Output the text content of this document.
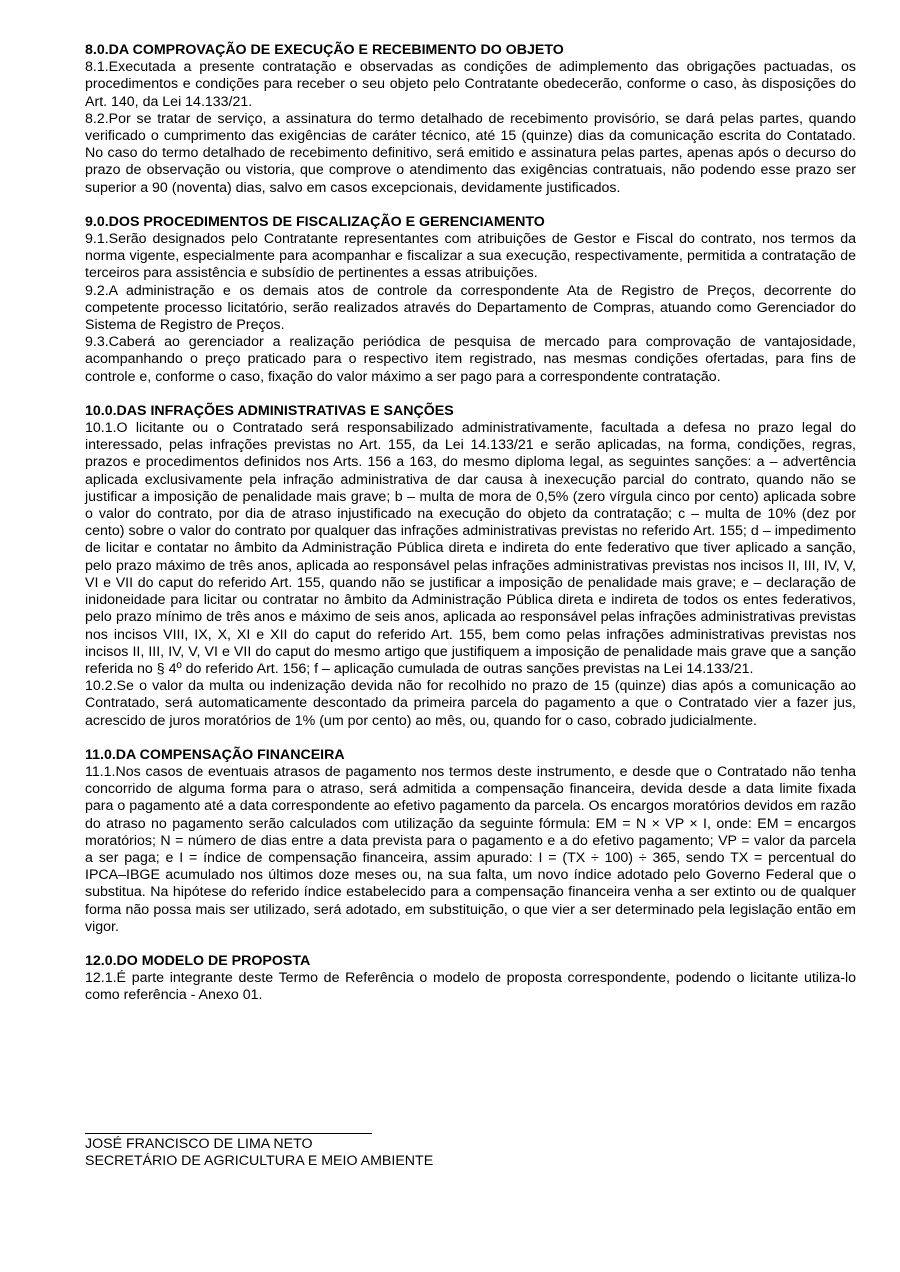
8.0.DA COMPROVAÇÃO DE EXECUÇÃO E RECEBIMENTO DO OBJETO

8.1.Executada a presente contratação e observadas as condições de adimplemento das obrigações pactuadas, os procedimentos e condições para receber o seu objeto pelo Contratante obedecerão, conforme o caso, às disposições do Art. 140, da Lei 14.133/21.

8.2.Por se tratar de serviço, a assinatura do termo detalhado de recebimento provisório, se dará pelas partes, quando verificado o cumprimento das exigências de caráter técnico, até 15 (quinze) dias da comunicação escrita do Contatado. No caso do termo detalhado de recebimento definitivo, será emitido e assinatura pelas partes, apenas após o decurso do prazo de observação ou vistoria, que comprove o atendimento das exigências contratuais, não podendo esse prazo ser superior a 90 (noventa) dias, salvo em casos excepcionais, devidamente justificados.

9.0.DOS PROCEDIMENTOS DE FISCALIZAÇÃO E GERENCIAMENTO

9.1.Serão designados pelo Contratante representantes com atribuições de Gestor e Fiscal do contrato, nos termos da norma vigente, especialmente para acompanhar e fiscalizar a sua execução, respectivamente, permitida a contratação de terceiros para assistência e subsídio de pertinentes a essas atribuições.

9.2.A administração e os demais atos de controle da correspondente Ata de Registro de Preços, decorrente do competente processo licitatório, serão realizados através do Departamento de Compras, atuando como Gerenciador do Sistema de Registro de Preços.

9.3.Caberá ao gerenciador a realização periódica de pesquisa de mercado para comprovação de vantajosidade, acompanhando o preço praticado para o respectivo item registrado, nas mesmas condições ofertadas, para fins de controle e, conforme o caso, fixação do valor máximo a ser pago para a correspondente contratação.

10.0.DAS INFRAÇÕES ADMINISTRATIVAS E SANÇÕES

10.1.O licitante ou o Contratado será responsabilizado administrativamente, facultada a defesa no prazo legal do interessado, pelas infrações previstas no Art. 155, da Lei 14.133/21 e serão aplicadas, na forma, condições, regras, prazos e procedimentos definidos nos Arts. 156 a 163, do mesmo diploma legal, as seguintes sanções: a – advertência aplicada exclusivamente pela infração administrativa de dar causa à inexecução parcial do contrato, quando não se justificar a imposição de penalidade mais grave; b – multa de mora de 0,5% (zero vírgula cinco por cento) aplicada sobre o valor do contrato, por dia de atraso injustificado na execução do objeto da contratação; c – multa de 10% (dez por cento) sobre o valor do contrato por qualquer das infrações administrativas previstas no referido Art. 155; d – impedimento de licitar e contatar no âmbito da Administração Pública direta e indireta do ente federativo que tiver aplicado a sanção, pelo prazo máximo de três anos, aplicada ao responsável pelas infrações administrativas previstas nos incisos II, III, IV, V, VI e VII do caput do referido Art. 155, quando não se justificar a imposição de penalidade mais grave; e – declaração de inidoneidade para licitar ou contratar no âmbito da Administração Pública direta e indireta de todos os entes federativos, pelo prazo mínimo de três anos e máximo de seis anos, aplicada ao responsável pelas infrações administrativas previstas nos incisos VIII, IX, X, XI e XII do caput do referido Art. 155, bem como pelas infrações administrativas previstas nos incisos II, III, IV, V, VI e VII do caput do mesmo artigo que justifiquem a imposição de penalidade mais grave que a sanção referida no § 4º do referido Art. 156; f – aplicação cumulada de outras sanções previstas na Lei 14.133/21.

10.2.Se o valor da multa ou indenização devida não for recolhido no prazo de 15 (quinze) dias após a comunicação ao Contratado, será automaticamente descontado da primeira parcela do pagamento a que o Contratado vier a fazer jus, acrescido de juros moratórios de 1% (um por cento) ao mês, ou, quando for o caso, cobrado judicialmente.

11.0.DA COMPENSAÇÃO FINANCEIRA

11.1.Nos casos de eventuais atrasos de pagamento nos termos deste instrumento, e desde que o Contratado não tenha concorrido de alguma forma para o atraso, será admitida a compensação financeira, devida desde a data limite fixada para o pagamento até a data correspondente ao efetivo pagamento da parcela. Os encargos moratórios devidos em razão do atraso no pagamento serão calculados com utilização da seguinte fórmula: EM = N × VP × I, onde: EM = encargos moratórios; N = número de dias entre a data prevista para o pagamento e a do efetivo pagamento; VP = valor da parcela a ser paga; e I = índice de compensação financeira, assim apurado: I = (TX ÷ 100) ÷ 365, sendo TX = percentual do IPCA–IBGE acumulado nos últimos doze meses ou, na sua falta, um novo índice adotado pelo Governo Federal que o substitua. Na hipótese do referido índice estabelecido para a compensação financeira venha a ser extinto ou de qualquer forma não possa mais ser utilizado, será adotado, em substituição, o que vier a ser determinado pela legislação então em vigor.

12.0.DO MODELO DE PROPOSTA

12.1.É parte integrante deste Termo de Referência o modelo de proposta correspondente, podendo o licitante utiliza-lo como referência - Anexo 01.

JOSÉ FRANCISCO DE LIMA NETO

SECRETÁRIO DE AGRICULTURA E MEIO AMBIENTE
